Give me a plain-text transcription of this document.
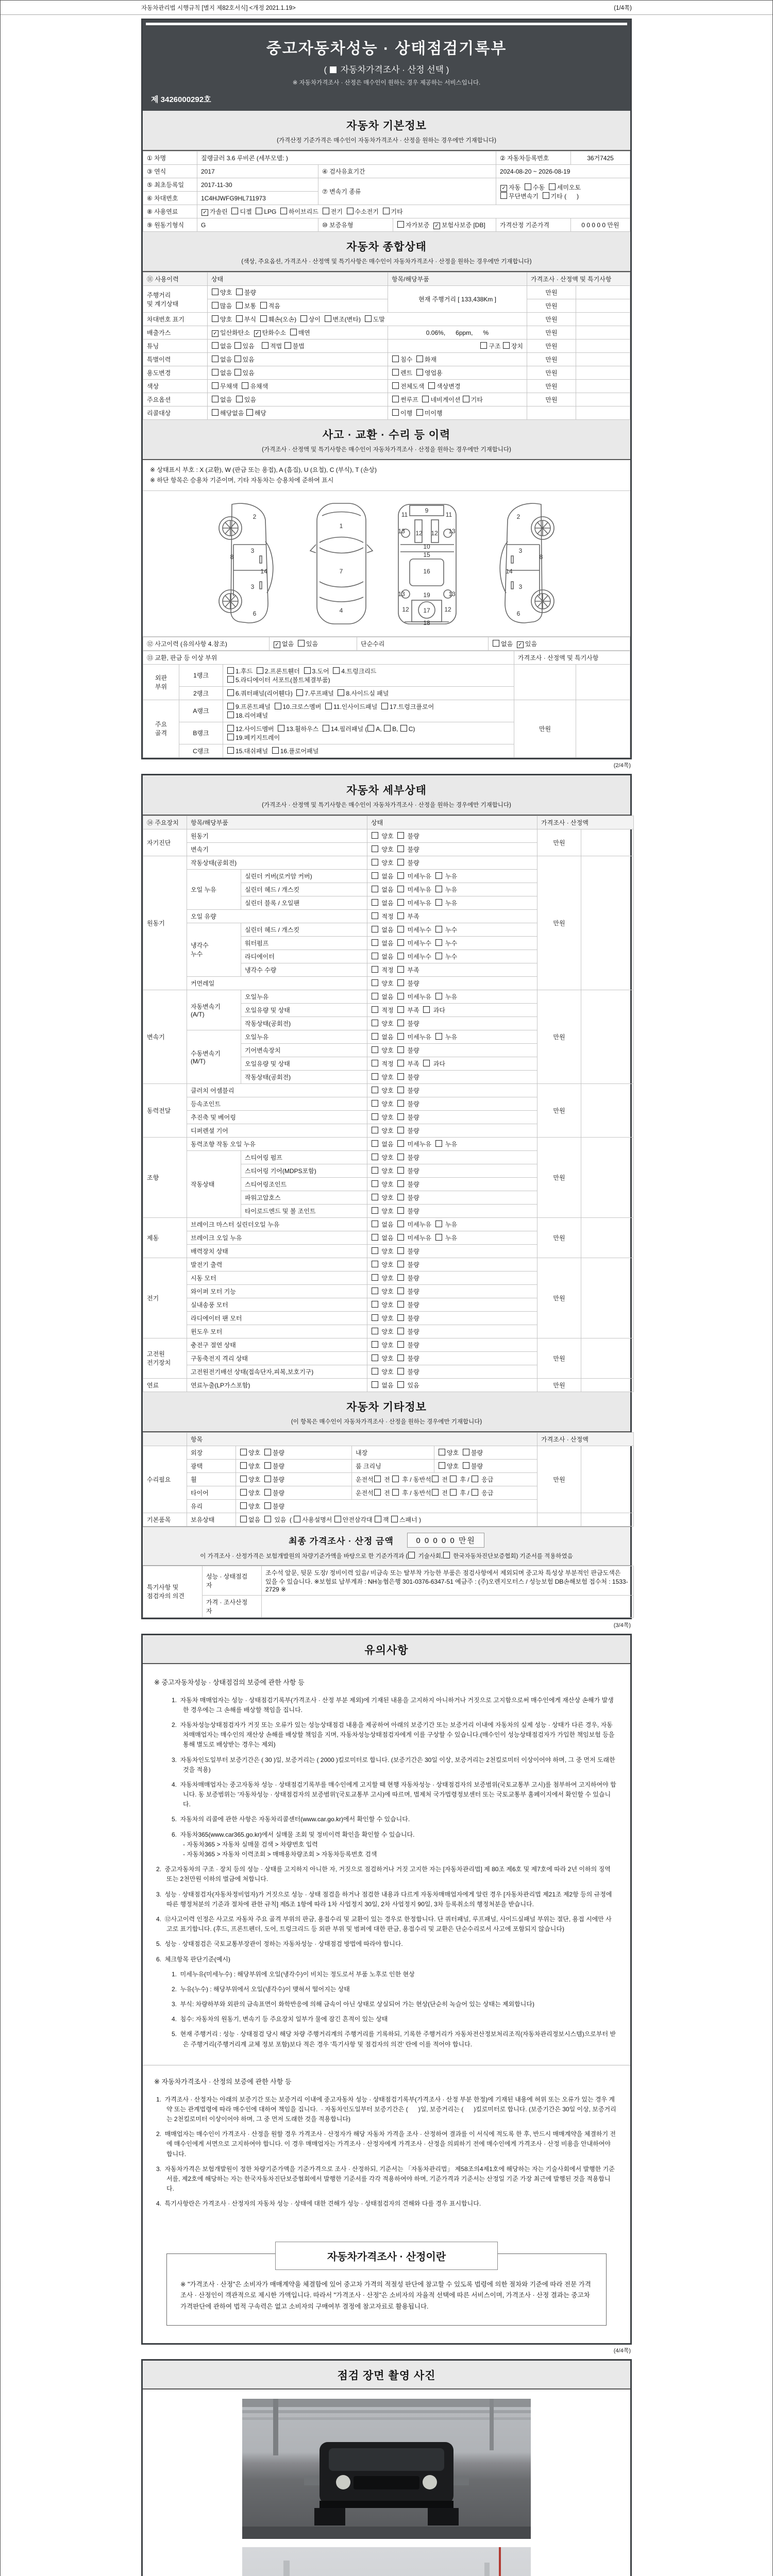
자동차관리법 시행규칙 [별지 제82호서식] <개정 2021.1.19>	(1/4쪽)
중고자동차성능 · 상태점검기록부
(  자동차가격조사 · 산정 선택 )
※ 자동차가격조사 · 산정은 매수인이 원하는 경우 제공하는 서비스입니다.
제 3426000292호
자동차 기본정보
(가격산정 기준가격은 매수인이 자동차가격조사 · 산정을 원하는 경우에만 기재합니다)
① 차명	짚랭글러 3.6 루비콘 (세부모델: )			② 자동차등록번호	36거7425
③ 연식	2017	④ 검사유효기간		2024-08-20 ~ 2026-08-19	
⑤ 최초등록일	2017-11-30	⑦ 변속기 종류		✓ 자동  수동  세미오토
무단변속기  기타 (      )	
⑥ 차대번호	1C4HJWFG9HL711973				
⑧ 사용연료	✓ 가솔린  디젤  LPG  하이브리드  전기  수소전기  기타				
⑨ 원동기형식	G	⑩ 보증유형	자가보증  ✓ 보험사보증 [DB]	가격산정 기준가격	0 0 0 0 0 만원
자동차 종합상태
(색상, 주요옵션, 가격조사 · 산정액 및 특기사항은 매수인이 자동차가격조사 · 산정을 원하는 경우에만 기재합니다)
⑪ 사용이력	상태	항목/해당부품	가격조사 · 산정액 및 특기사항	
주행거리
및 계기상태	양호  불량	현재 주행거리 [ 133,438Km ]	만원	
	많음  보통  적음		만원	
차대번호 표기	양호  부식  훼손(오손)  상이  변조(변타)  도말		만원	
배출가스	✓ 일산화탄소  ✓ 탄화수소  매연	0.06%,      6ppm,      %	만원	
튜닝	없음 있음    적법 불법	구조 장치	만원	
특별이력	없음 있음	침수  화재	만원	
용도변경	없음 있음	렌트  영업용	만원	
색상	무채색  유채색	전체도색  색상변경	만원	
주요옵션	없음  있음	썬루프  네비게이션 기타	만원	
리콜대상	해당없음 해당	이행  미이행		
사고 · 교환 · 수리 등 이력
(가격조사 · 산정액 및 특기사항은 매수인이 자동차가격조사 · 산정을 원하는 경우에만 기재합니다)
※ 상태표시 부호 : X (교환), W (판금 또는 용접), A (흠집), U (요철), C (부식), T (손상)
※ 하단 항목은 승용차 기준이며, 기타 자동차는 승용차에 준하여 표시
2
8
3
14
3
6
1
7
4
11
9
11
13 12 12 13
10
15
16
13	19	13
12 17 12
18
2
3
8
14
3
6
⑫ 사고이력 (유의사항 4.참조)	✓ 없음  있음	단순수리	없음  ✓ 있음
⑬ 교환, 판금 등 이상 부위			가격조사 · 산정액 및 특기사항	
외판
부위	1랭크	1.후드  2.프론트휀더  3.도어  4.트렁크리드
5.라디에이터 서포트(볼트체결부품)		
	2랭크	6.쿼터패널(리어휀다)  7.루프패널  8.사이드실 패널		
주요
골격	A랭크	9.프론트패널  10.크로스멤버  11.인사이드패널  17.트렁크플로어
18.리어패널	만원	
	B랭크	12.사이드멤버  13.휠하우스  14.필러패널 ( A, B, C)
19.페키지트레이		
	C랭크	15.대쉬패널  16.플로어패널		
(2/4쪽)
자동차 세부상태
(가격조사 · 산정액 및 특기사항은 매수인이 자동차가격조사 · 산정을 원하는 경우에만 기재합니다)
⑭ 주요장치	항목/해당부품		상태	가격조사 · 산정액	
자기진단	원동기		양호   불량	만원	
	변속기		양호   불량		
원동기	작동상태(공회전)		양호   불량	만원	
	오일 누유	실린더 커버(로커암 커버)	없음   미세누유   누유		
		실린더 헤드 / 개스킷	없음   미세누유   누유		
		실린더 블록 / 오일팬	없음   미세누유   누유		
	오일 유량		적정   부족		
	냉각수
누수	실린더 헤드 / 개스킷	없음   미세누수   누수		
		워터펌프	없음   미세누수   누수		
		라디에이터	없음   미세누수   누수		
		냉각수 수량	적정   부족		
	커먼레일		양호   불량		
변속기	자동변속기
(A/T)	오일누유	없음   미세누유   누유	만원	
		오일유량 및 상태	적정   부족   과다		
		작동상태(공회전)	양호   불량		
	수동변속기
(M/T)	오일누유	없음   미세누유   누유		
		기어변속장치	양호   불량		
		오일유량 및 상태	적정   부족   과다		
		작동상태(공회전)	양호   불량		
동력전달	클러치 어셈블리		양호   불량	만원	
	등속조인트		양호   불량		
	추진축 및 베어링		양호   불량		
	디퍼렌셜 기어		양호   불량		
조향	동력조향 작동 오일 누유		없음   미세누유   누유	만원	
	작동상태	스티어링 펌프	양호   불량		
		스티어링 기어(MDPS포함)	양호   불량		
		스티어링조인트	양호   불량		
		파워고압호스	양호   불량		
		타이로드엔드 및 볼 조인트	양호   불량		
제동	브레이크 마스터 실린더오일 누유		없음   미세누유   누유	만원	
	브레이크 오일 누유		없음   미세누유   누유		
	배력장치 상태		양호   불량		
전기	발전기 출력		양호   불량	만원	
	시동 모터		양호   불량		
	와이퍼 모터 기능		양호   불량		
	실내송풍 모터		양호   불량		
	라디에이터 팬 모터		양호   불량		
	윈도우 모터		양호   불량		
고전원
전기장치	충전구 절연 상태		양호   불량	만원	
	구동축전지 격리 상태		양호   불량		
	고전원전기배선 상태(접속단자,피복,보호기구)		양호   불량		
연료	연료누출(LP가스포함)		없음   있음	만원	
자동차 기타정보
(이 항목은 매수인이 자동차가격조사 · 산정을 원하는 경우에만 기재합니다)
	항목				가격조사 · 산정액	
수리필요	외장	양호  불량	내장	양호  불량	만원	
	광택	양호  불량	룸 크리닝	양호  불량		
	휠	양호  불량	운전석 전  후 / 동반석 전  후 /  응급			
	타이어	양호  불량	운전석 전  후 / 동반석 전  후 /  응급			
	유리	양호  불량				
기본품목	보유상태	없음   있음  ( 사용설명서 안전삼각대 잭 스패너 )				
최종 가격조사 · 산정 금액	0 0 0 0 0 만원
이 가격조사 · 산정가격은 보험개발원의 차량기준가액을 바탕으로 한 기준가격과 ( 기술사회, 한국자동차진단보증협회) 기준서를 적용하였음
특기사항 및
점검자의 의견	성능 · 상태점검
자	조수석 앞문, 뒷문 도장/ 정비이력 있음/ 비금속 또는 탈부착 가능한 부품은 점검사항에서 제외되며 중고차 특성상 부분적인 판금도색은 있을 수 있습니다. ※보험료 납부계좌 : NH농협은행 301-0376-6347-51 예금주 : (주)오렌지모터스 / 성능보험 DB손해보험 접수처 : 1533-2729 ※
	가격 · 조사산정
자	

(3/4쪽)
유의사항
※ 중고자동차성능 · 상태점검의 보증에 관한 사항 등
1.  자동차 매매업자는 성능 · 상태점검기록부(가격조사 · 산정 부분 제외)에 기재된 내용을 고지하지 아니하거나 거짓으로 고지함으로써 매수인에게 재산상 손해가 발생한 경우에는 그 손해를 배상할 책임을 집니다.
2.  자동차성능상태점검자가 거짓 또는 오류가 있는 성능상태점검 내용을 제공하여 아래의 보증기간 또는 보증거리 이내에 자동차의 실제 성능 · 상태가 다른 경우, 자동차매매업자는 매수인의 재산상 손해를 배상할 책임을 지며, 자동차성능상태점검자에게 이를 구상할 수 있습니다.(매수인이 성능상태점검자가 가입한 책임보험 등을 통해 별도로 배상받는 경우는 제외)
3.  자동차인도일부터 보증기간은 ( 30 )일, 보증거리는 ( 2000 )킬로미터로 합니다. (보증기간은 30일 이상, 보증거리는 2천킬로미터 이상이어야 하며, 그 중 먼저 도래한 것을 적용)
4.  자동차매매업자는 중고자동차 성능 · 상태점검기록부를 매수인에게 고지할 때 현행 자동차성능 · 상태점검자의 보증범위(국토교통부 고시)를 첨부하여 고지하여야 합니다. 동 보증범위는 '자동차성능 · 상태점검자의 보증범위'(국토교통부 고시)에 따르며, 법제처 국가법령정보센터 또는 국토교통부 홈페이지에서 확인할 수 있습니다.
5.  자동차의 리콜에 관한 사항은 자동차리콜센터(www.car.go.kr)에서 확인할 수 있습니다.
6.  자동차365(www.car365.go.kr)에서 실매물 조회 및 정비이력 확인을 확인할 수 있습니다.
- 자동차365 > 자동차 실매물 검색 > 차량번호 입력
- 자동차365 > 자동차 이력조회 > 매매용차량조회 > 자동차등록번호 검색
2.  중고자동차의 구조 · 장치 등의 성능 · 상태를 고지하지 아니한 자, 거짓으로 점검하거나 거짓 고지한 자는 [자동차관리법] 제 80조 제6호 및 제7호에 따라 2년 이하의 징역 또는 2천만원 이하의 벌금에 처합니다.
3.  성능 · 상태점검자(자동차정비업자)가 거짓으로 성능 · 상태 점검을 하거나 점검한 내용과 다르게 자동차매매업자에게 알린 경우 [자동차관리법 제21조 제2항 등의 규정에 따른 행정처분의 기준과 절차에 관한 규칙] 제5조 1항에 따라 1차 사업정지 30일, 2차 사업정지 90일, 3차 등록취소의 행정처분을 받습니다.
4.  ⑫사고이력 인정은 사고로 자동차 주요 골격 부위의 판금, 용접수리 및 교환이 있는 경우로 한정합니다. 단 쿼터패널, 루프패널, 사이드실패널 부위는 절단, 용접 시에만 사고로 표기합니다. (후드, 프론트펜더, 도어, 트렁크리드 등 외판 부위 및 범퍼에 대한 판금, 용접수리 및 교환은 단순수리로서 사고에 포함되지 않습니다)
5.  성능 · 상태점검은 국토교통부장관이 정하는 자동차성능 · 상태점검 방법에 따라야 합니다.
6.  체크항목 판단기준(예시)
1.  미세누유(미세누수) : 해당부위에 오일(냉각수)이 비치는 정도로서 부품 노후로 인한 현상
2.  누유(누수) : 해당부위에서 오일(냉각수)이 맺혀서 떨어지는 상태
3.  부식: 차량하부와 외판의 금속표면이 화학반응에 의해 금속이 아닌 상태로 상실되어 가는 현상(단순히 녹슬어 있는 상태는 제외합니다)
4.  침수: 자동차의 원동기, 변속기 등 주요장치 일부가 물에 잠긴 흔적이 있는 상태
5.  현재 주행거리 : 성능 · 상태점검 당시 해당 차량 주행거리계의 주행거리를 기록하되, 기록한 주행거리가 자동차전산정보처리조직(자동차관리정보시스템)으로부터 받은 주행거리(주행거리계 교체 정보 포함)보다 적은 경우 '특기사항 및 점검자의 의견' 란에 이를 적어야 합니다.
※ 자동차가격조사 · 산정의 보증에 관한 사항 등
1.  가격조사 · 산정자는 아래의 보증기간 또는 보증거리 이내에 중고자동차 성능 · 상태점검기록부(가격조사 · 산정 부분 한정)에 기재된 내용에 허위 또는 오류가 있는 경우 계약 또는 관계법령에 따라 매수인에 대하여 책임을 집니다.  · 자동차인도일부터 보증기간은 (      )일, 보증거리는 (      )킬로미터로 합니다. (보증기간은 30일 이상, 보증거리는 2천킬로미터 이상이어야 하며, 그 중 먼저 도래한 것을 적용합니다)
2.  매매업자는 매수인이 가격조사 · 산정을 원할 경우 가격조사 · 산정자가 해당 자동차 가격을 조사 · 산정하여 결과를 이 서식에 적도록 한 후, 반드시 매매계약을 체결하기 전에 매수인에게 서면으로 고지하여야 합니다. 이 경우 매매업자는 가격조사 · 산정자에게 가격조사 · 산정을 의뢰하기 전에 매수인에게 가격조사 · 산정 비용을 안내하여야 합니다.
3.  자동차가격은 보험개발원이 정한 차량기준가액을 기준가격으로 조사 · 산정하되, 기준서는 「자동차관리법」 제58조의4제1호에 해당하는 자는 기술사회에서 발행한 기준서를, 제2호에 해당하는 자는 한국자동차진단보증협회에서 발행한 기준서를 각각 적용하여야 하며, 기준가격과 기준서는 산정일 기준 가장 최근에 발행된 것을 적용합니다.
4.  특기사항란은 가격조사 · 산정자의 자동차 성능 · 상태에 대한 견해가 성능 · 상태점검자의 견해와 다를 경우 표시합니다.
자동차가격조사 · 산정이란
※ "가격조사 · 산정"은 소비자가 매매계약을 체결함에 있어 중고차 가격의 적절성 판단에 참고할 수 있도록 법령에 의한 절차와 기준에 따라 전문 가격조사 · 산정인이 객관적으로 제시한 가액입니다. 따라서 "가격조사 · 산정"은 소비자의 자율적 선택에 따른 서비스이며, 가격조사 · 산정 결과는 중고차 가격판단에 관하여 법적 구속력은 없고 소비자의 구매여부 결정에 참고자료로 활용됩니다.
(4/4쪽)
점검 장면 촬영 사진
